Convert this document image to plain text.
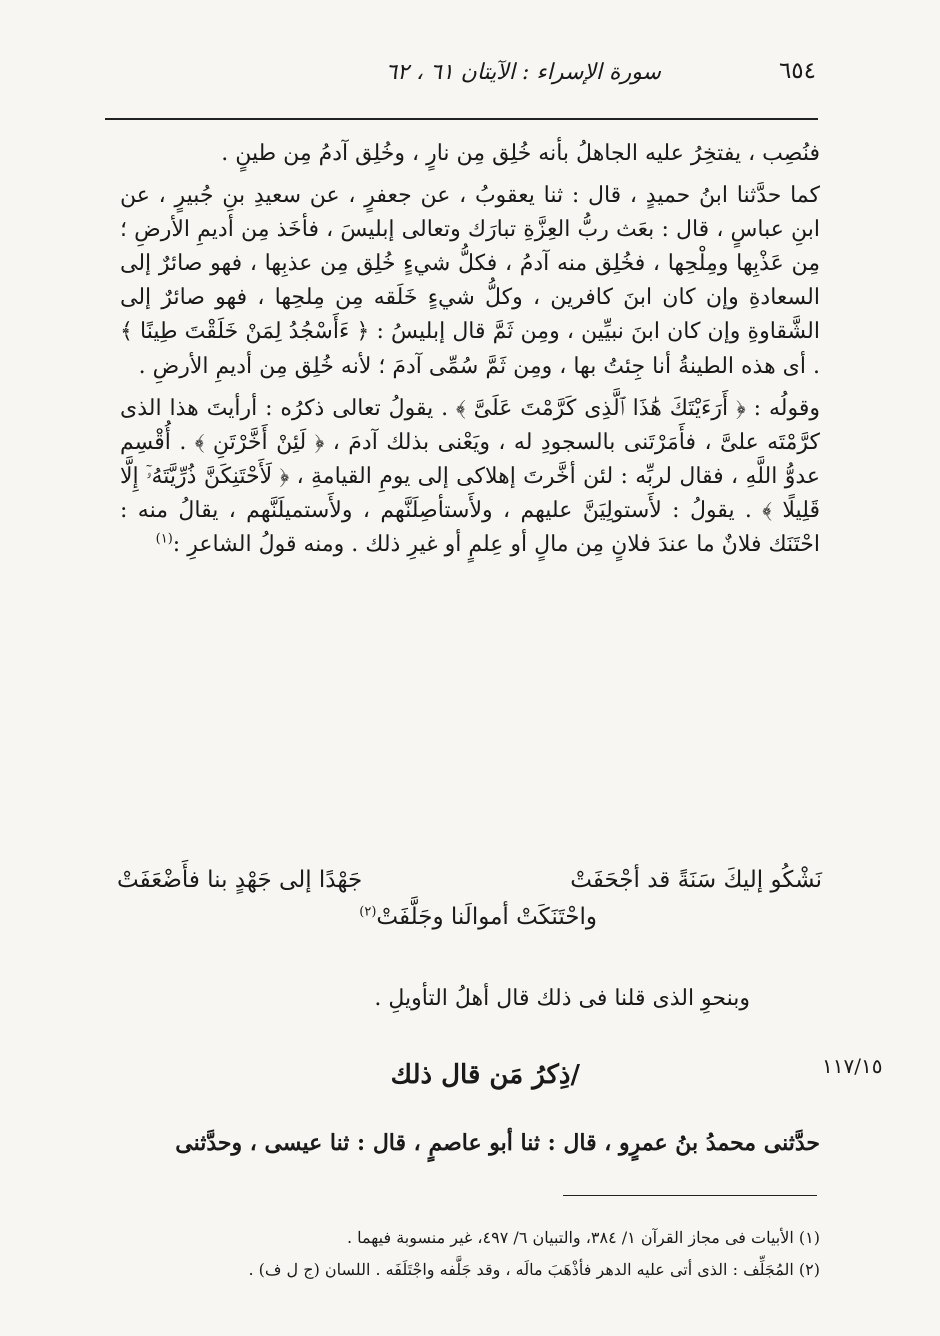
٦٥٤
سورة الإسراء : الآيتان ٦١ ، ٦٢

فنُصِب ، يفتخِرُ عليه الجاهلُ بأنه خُلِق مِن نارٍ ، وخُلِق آدمُ مِن طينٍ .

كما حدَّثنا ابنُ حميدٍ ، قال : ثنا يعقوبُ ، عن جعفرٍ ، عن سعيدِ بنِ جُبيرٍ ، عن ابنِ عباسٍ ، قال : بعَث ربُّ العِزَّةِ تبارَك وتعالى إبليسَ ، فأخَذ مِن أديمِ الأرضِ ؛ مِن عَذْبِها ومِلْحِها ، فخُلِق منه آدمُ ، فكلُّ شيءٍ خُلِق مِن عذبِها ، فهو صائرٌ إلى السعادةِ وإن كان ابنَ كافرين ، وكلُّ شيءٍ خَلَقه مِن مِلحِها ، فهو صائرٌ إلى الشَّقاوةِ وإن كان ابنَ نبيِّين ، ومِن ثَمَّ قال إبليسُ : ﴿ ءَأَسْجُدُ لِمَنْ خَلَقْتَ طِينًا ﴾ . أى هذه الطينةُ أنا جِئتُ بها ، ومِن ثَمَّ سُمِّى آدمَ ؛ لأنه خُلِق مِن أديمِ الأرضِ .

وقولُه : ﴿ أَرَءَيْتَكَ هَٰذَا ٱلَّذِى كَرَّمْتَ عَلَىَّ ﴾ . يقولُ تعالى ذكرُه : أرأيتَ هذا الذى كرَّمْتَه علىَّ ، فأَمَرْتَنى بالسجودِ له ، ويَعْنى بذلك آدمَ ، ﴿ لَئِنْ أَخَّرْتَنِ ﴾ . أُقْسِم عدوُّ اللَّهِ ، فقال لربِّه : لئن أخَّرتَ إهلاكى إلى يومِ القيامةِ ، ﴿ لَأَحْتَنِكَنَّ ذُرِّيَّتَهُۥٓ إِلَّا قَلِيلًا ﴾ . يقولُ : لأَستولِيَنَّ عليهم ، ولأَستأصِلَنَّهم ، ولأَستميلَنَّهم ، يقالُ منه : احْتَنَك فلانٌ ما عندَ فلانٍ مِن مالٍ أو عِلمٍ أو غيرِ ذلك . ومنه قولُ الشاعرِ :$^{(١)}$

نَشْكُو إليكَ سَنَةً قد أجْحَفَتْ
جَهْدًا إلى جَهْدٍ بنا فأَضْعَفَتْ
واحْتَنَكَتْ أموالَنا وجَلَّفَتْ$^{(٢)}$
وبنحوِ الذى قلنا فى ذلك قال أهلُ التأويلِ .
١١٧/١٥
/ذِكرُ مَن قال ذلك
حدَّثنى محمدُ بنُ عمرٍو ، قال : ثنا أبو عاصمٍ ، قال : ثنا عيسى ، وحدَّثنى
(١) الأبيات فى مجاز القرآن ١/ ٣٨٤، والتبيان ٦/ ٤٩٧، غير منسوبة فيهما .
(٢) المُجَلِّف : الذى أتى عليه الدهر فأذْهَبَ مالَه ، وقد جَلَّفه واجْتَلَفَه . اللسان (ج ل ف) .
